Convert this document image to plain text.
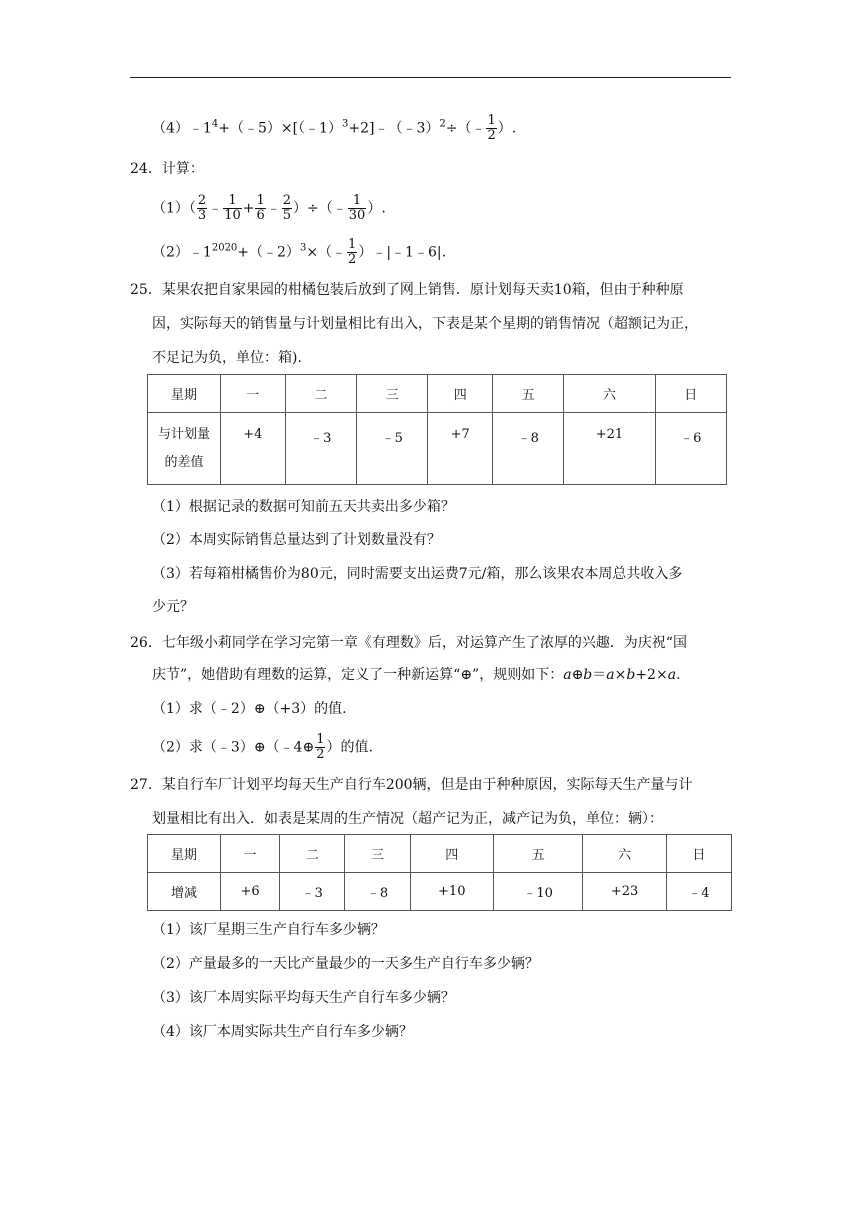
$(4)﹣1^4+(﹣5)\times[(﹣1)^3+2]﹣(﹣3)^2\div(﹣ \frac{1}{2}$ ）.
24．计算：
$(1)( \frac{2}{3}$ ﹣ $\frac{1}{10} + \frac{1}{6}$ ﹣ $\frac{2}{5}$ ）÷（﹣ $\frac{1}{30}$ ）.
$(2)﹣1^{2020}+(﹣2)^3\times(﹣ \frac{1}{2}$ ）﹣|﹣1﹣6|.
25．某果农把自家果园的柑橘包装后放到了网上销售．原计划每天卖10箱，但由于种种原
因，实际每天的销售量与计划量相比有出入，下表是某个星期的销售情况（超额记为正，
不足记为负，单位：箱).
星期	一	二	三	四	五	六	日

与计划量
的差值	+4	﹣3	﹣5	+7	﹣8	+21	﹣6
（1）根据记录的数据可知前五天共卖出多少箱？
（2）本周实际销售总量达到了计划数量没有？
（3）若每箱柑橘售价为80元，同时需要支出运费7元/箱，那么该果农本周总共收入多
少元？
26．七年级小莉同学在学习完第一章《有理数》后，对运算产生了浓厚的兴趣．为庆祝“国
庆节”，她借助有理数的运算，定义了一种新运算“⊕”，规则如下：a⊕b＝a×b+2×a.
（1）求（﹣2）⊕（+3）的值.
（2）求（﹣3）⊕（﹣4⊕ $\frac{1}{2}$ ）的值.
27．某自行车厂计划平均每天生产自行车200辆，但是由于种种原因，实际每天生产量与计
划量相比有出入．如表是某周的生产情况（超产记为正，减产记为负，单位：辆）：
星期	一	二	三	四	五	六	日
增减	+6	﹣3	﹣8	+10	﹣10	+23	﹣4
（1）该厂星期三生产自行车多少辆？
（2）产量最多的一天比产量最少的一天多生产自行车多少辆？
（3）该厂本周实际平均每天生产自行车多少辆？
（4）该厂本周实际共生产自行车多少辆？
